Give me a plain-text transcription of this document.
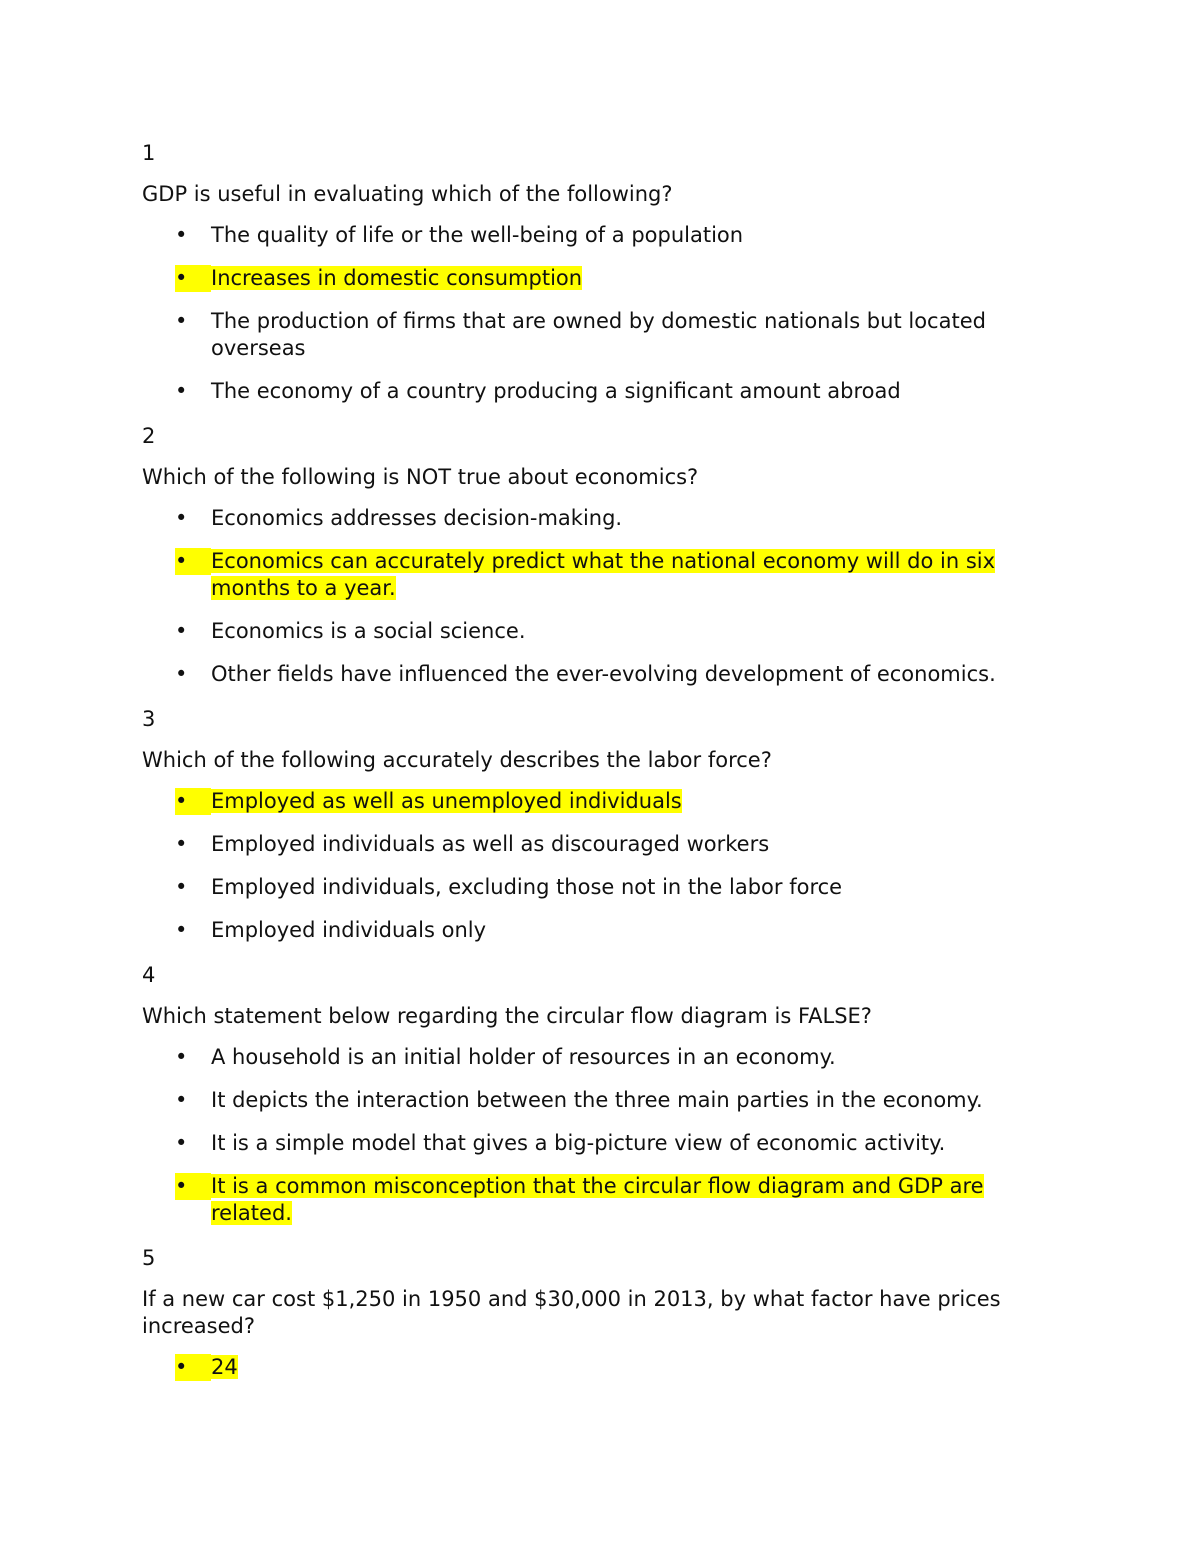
1
GDP is useful in evaluating which of the following?
•	The quality of life or the well-being of a population
•	Increases in domestic consumption
•	The production of firms that are owned by domestic nationals but located overseas
•	The economy of a country producing a significant amount abroad
2
Which of the following is NOT true about economics?
•	Economics addresses decision-making.
•	Economics can accurately predict what the national economy will do in six months to a year.
•	Economics is a social science.
•	Other fields have influenced the ever-evolving development of economics.
3
Which of the following accurately describes the labor force?
•	Employed as well as unemployed individuals
•	Employed individuals as well as discouraged workers
•	Employed individuals, excluding those not in the labor force
•	Employed individuals only
4
Which statement below regarding the circular flow diagram is FALSE?
•	A household is an initial holder of resources in an economy.
•	It depicts the interaction between the three main parties in the economy.
•	It is a simple model that gives a big-picture view of economic activity.
•	It is a common misconception that the circular flow diagram and GDP are related.
5
If a new car cost $1,250 in 1950 and $30,000 in 2013, by what factor have prices increased?
•	24
